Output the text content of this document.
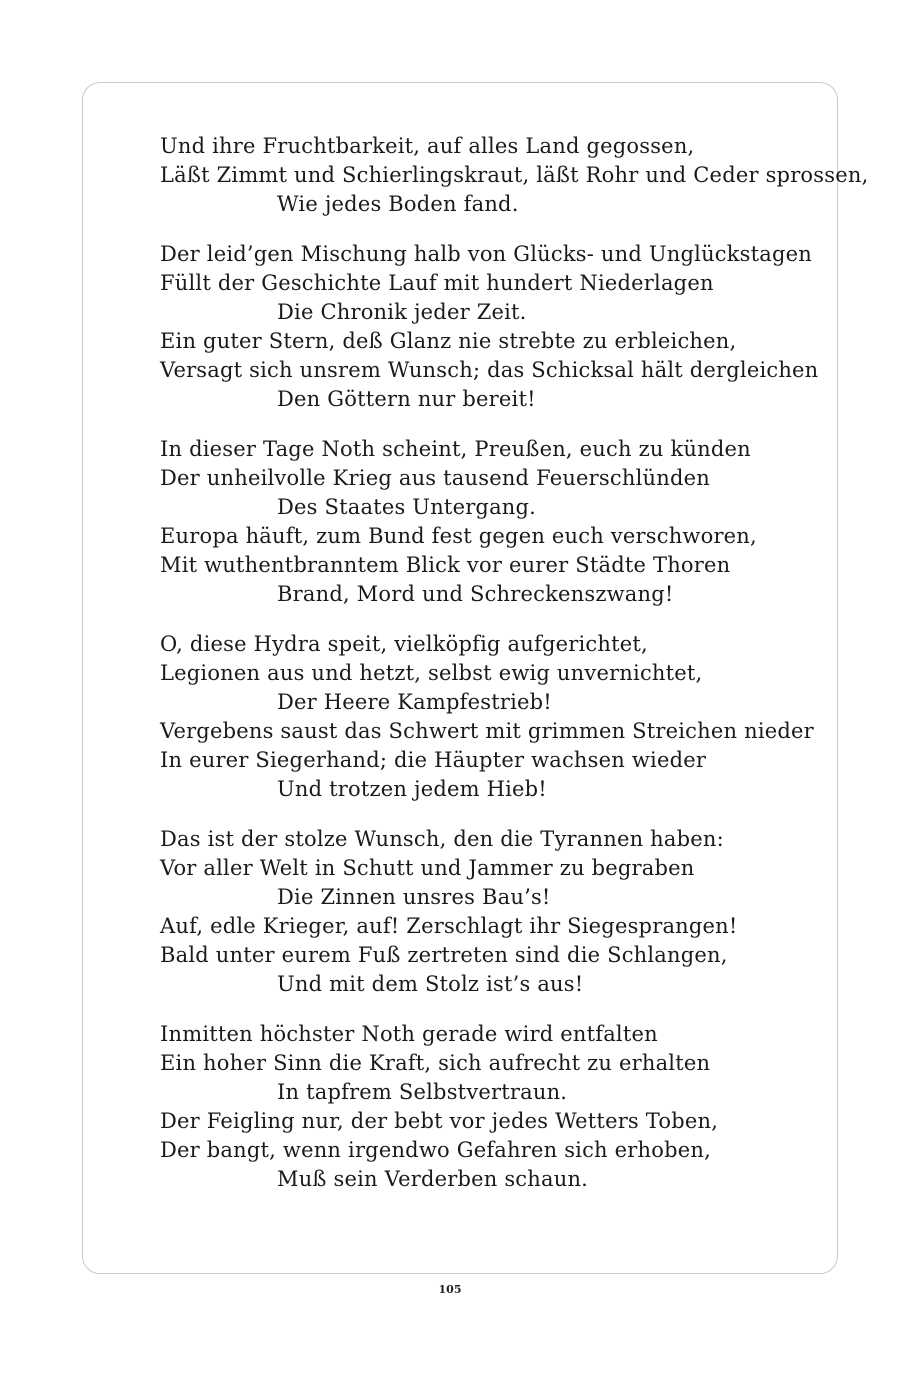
Und ihre Fruchtbarkeit, auf alles Land gegossen,
Läßt Zimmt und Schierlingskraut, läßt Rohr und Ceder sprossen,
Wie jedes Boden fand.
Der leid’gen Mischung halb von Glücks- und Unglückstagen
Füllt der Geschichte Lauf mit hundert Niederlagen
Die Chronik jeder Zeit.
Ein guter Stern, deß Glanz nie strebte zu erbleichen,
Versagt sich unsrem Wunsch; das Schicksal hält dergleichen
Den Göttern nur bereit!
In dieser Tage Noth scheint, Preußen, euch zu künden
Der unheilvolle Krieg aus tausend Feuerschlünden
Des Staates Untergang.
Europa häuft, zum Bund fest gegen euch verschworen,
Mit wuthentbranntem Blick vor eurer Städte Thoren
Brand, Mord und Schreckenszwang!
O, diese Hydra speit, vielköpfig aufgerichtet,
Legionen aus und hetzt, selbst ewig unvernichtet,
Der Heere Kampfestrieb!
Vergebens saust das Schwert mit grimmen Streichen nieder
In eurer Siegerhand; die Häupter wachsen wieder
Und trotzen jedem Hieb!
Das ist der stolze Wunsch, den die Tyrannen haben:
Vor aller Welt in Schutt und Jammer zu begraben
Die Zinnen unsres Bau’s!
Auf, edle Krieger, auf! Zerschlagt ihr Siegesprangen!
Bald unter eurem Fuß zertreten sind die Schlangen,
Und mit dem Stolz ist’s aus!
Inmitten höchster Noth gerade wird entfalten
Ein hoher Sinn die Kraft, sich aufrecht zu erhalten
In tapfrem Selbstvertraun.
Der Feigling nur, der bebt vor jedes Wetters Toben,
Der bangt, wenn irgendwo Gefahren sich erhoben,
Muß sein Verderben schaun.
105
